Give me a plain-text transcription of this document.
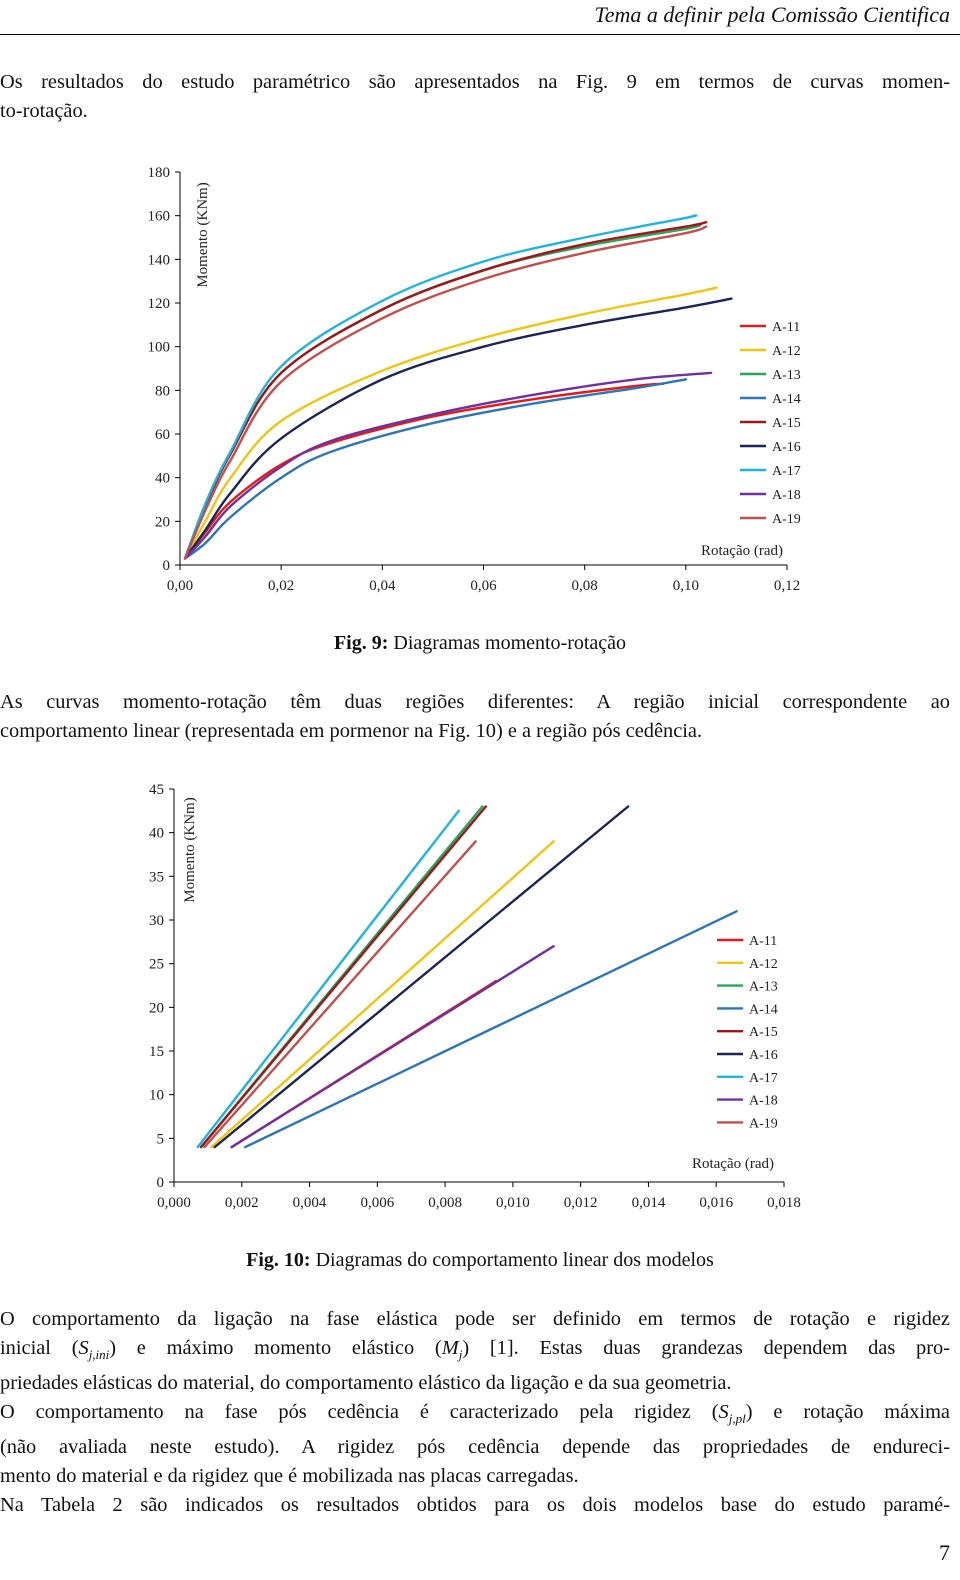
Tema a definir pela Comissão Cientifica

Os resultados do estudo paramétrico são apresentados na Fig. 9 em termos de curvas momen-
to-rotação.

0
20
40
60
80
100
120
140
160
180
0,00	0,02	0,04	0,06	0,08	0,10	0,12
Momento (KNm)
Rotação (rad)
A-11
A-12
A-13
A-14
A-15
A-16
A-17
A-18
A-19
Fig. 9: Diagramas momento-rotação

As curvas momento-rotação têm duas regiões diferentes: A região inicial correspondente ao
comportamento linear (representada em pormenor na Fig. 10) e a região pós cedência.

0
5
10
15
20
25
30
35
40
45
0,000 0,002 0,004 0,006 0,008 0,010 0,012 0,014 0,016 0,018
Momento (KNm)
Rotação (rad)
A-11
A-12
A-13
A-14
A-15
A-16
A-17
A-18
A-19
Fig. 10: Diagramas do comportamento linear dos modelos

O comportamento da ligação na fase elástica pode ser definido em termos de rotação e rigidez
inicial $(S_{j,ini})$ e máximo momento elástico $(M_j)$ [1]. Estas duas grandezas dependem das pro-
priedades elásticas do material, do comportamento elástico da ligação e da sua geometria.
O comportamento na fase pós cedência é caracterizado pela rigidez $(S_{j,pl})$ e rotação máxima
(não avaliada neste estudo). A rigidez pós cedência depende das propriedades de endureci-
mento do material e da rigidez que é mobilizada nas placas carregadas.
Na Tabela 2 são indicados os resultados obtidos para os dois modelos base do estudo paramé-

7
